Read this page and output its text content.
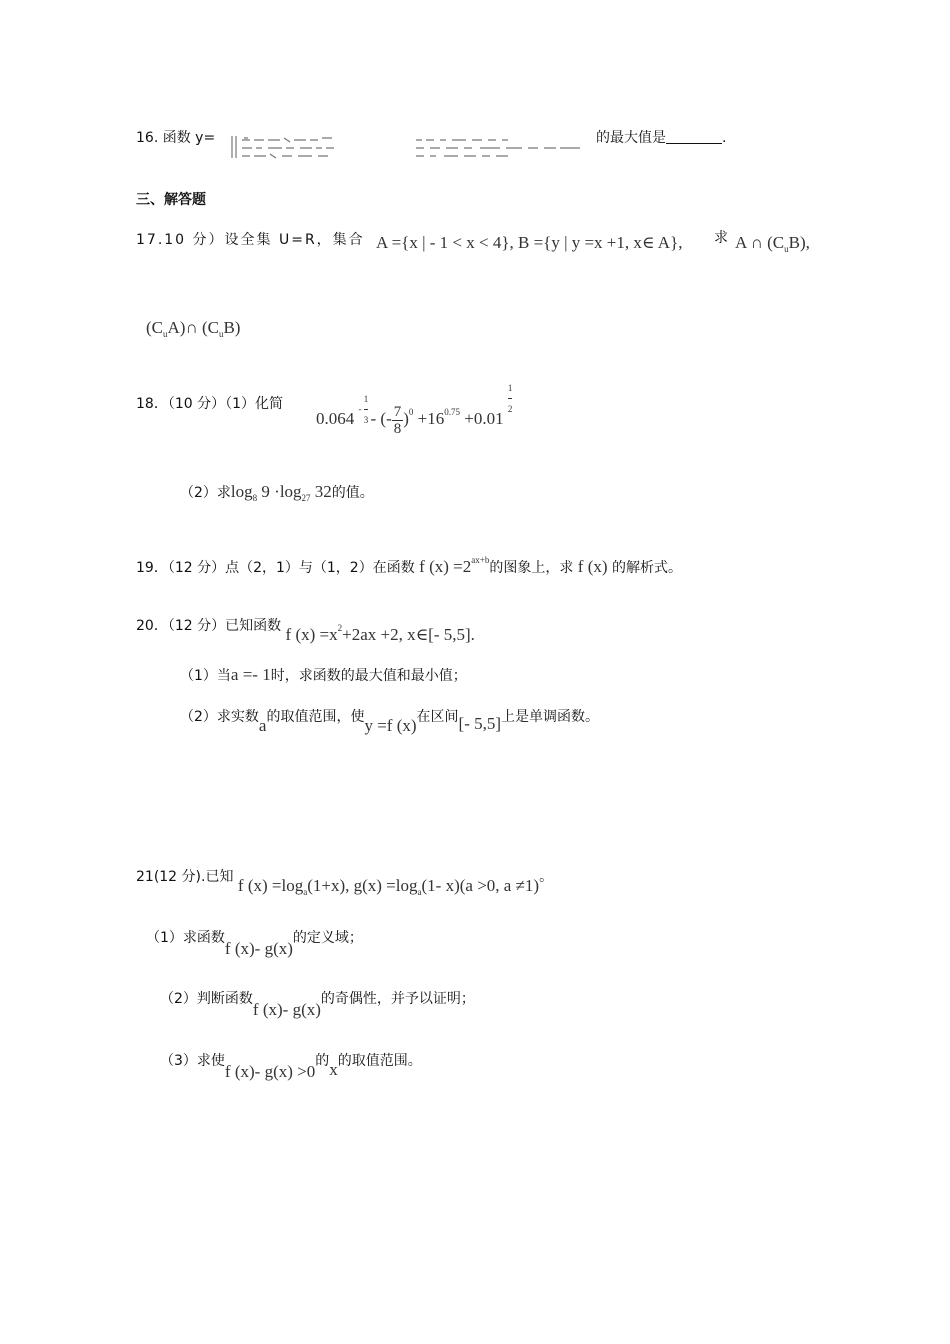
16. 函数 y=	的最大值是	.
三、解答题
17.10 分）设全集 U=R，集合 A ={x | - 1 < x < 4}, B ={y | y =x +1, x∈ A}, 求 A ∩ $(C_uB)$,
$(C_uA)\cap$ $(C_uB)$
18．（10 分）（1）化简
0.064 $^{- \frac{1}{3}}$ - (- $\frac{7}{8} )^0 +16^{0.75} +0.01 \frac{1}{2}$
（2）求$\log_8 9 \cdot\log_{27}$ 32的值。
19．（12 分）点（2，1）与（1，2）在函数 f $(x) =2^{ax+b}$的图象上，求 f (x) 的解析式。
20．（12 分）已知函数 f $(x) =x^2+2ax +2$, x∈[- 5,5].
（1）当a =- 1时，求函数的最大值和最小值；
（2）求实数a的取值范围，使y =f (x)在区间[- 5,5]上是单调函数。
21(12 分).已知 f $(x) =\log_a(1+x)$, $g(x) =\log_a(1-$ x)(a >0, a ≠1)。
（1）求函数f (x)- g(x)的定义域；
（2）判断函数f (x)- g(x)的奇偶性，并予以证明；
（3）求使f (x)- g(x) >0的x的取值范围。
